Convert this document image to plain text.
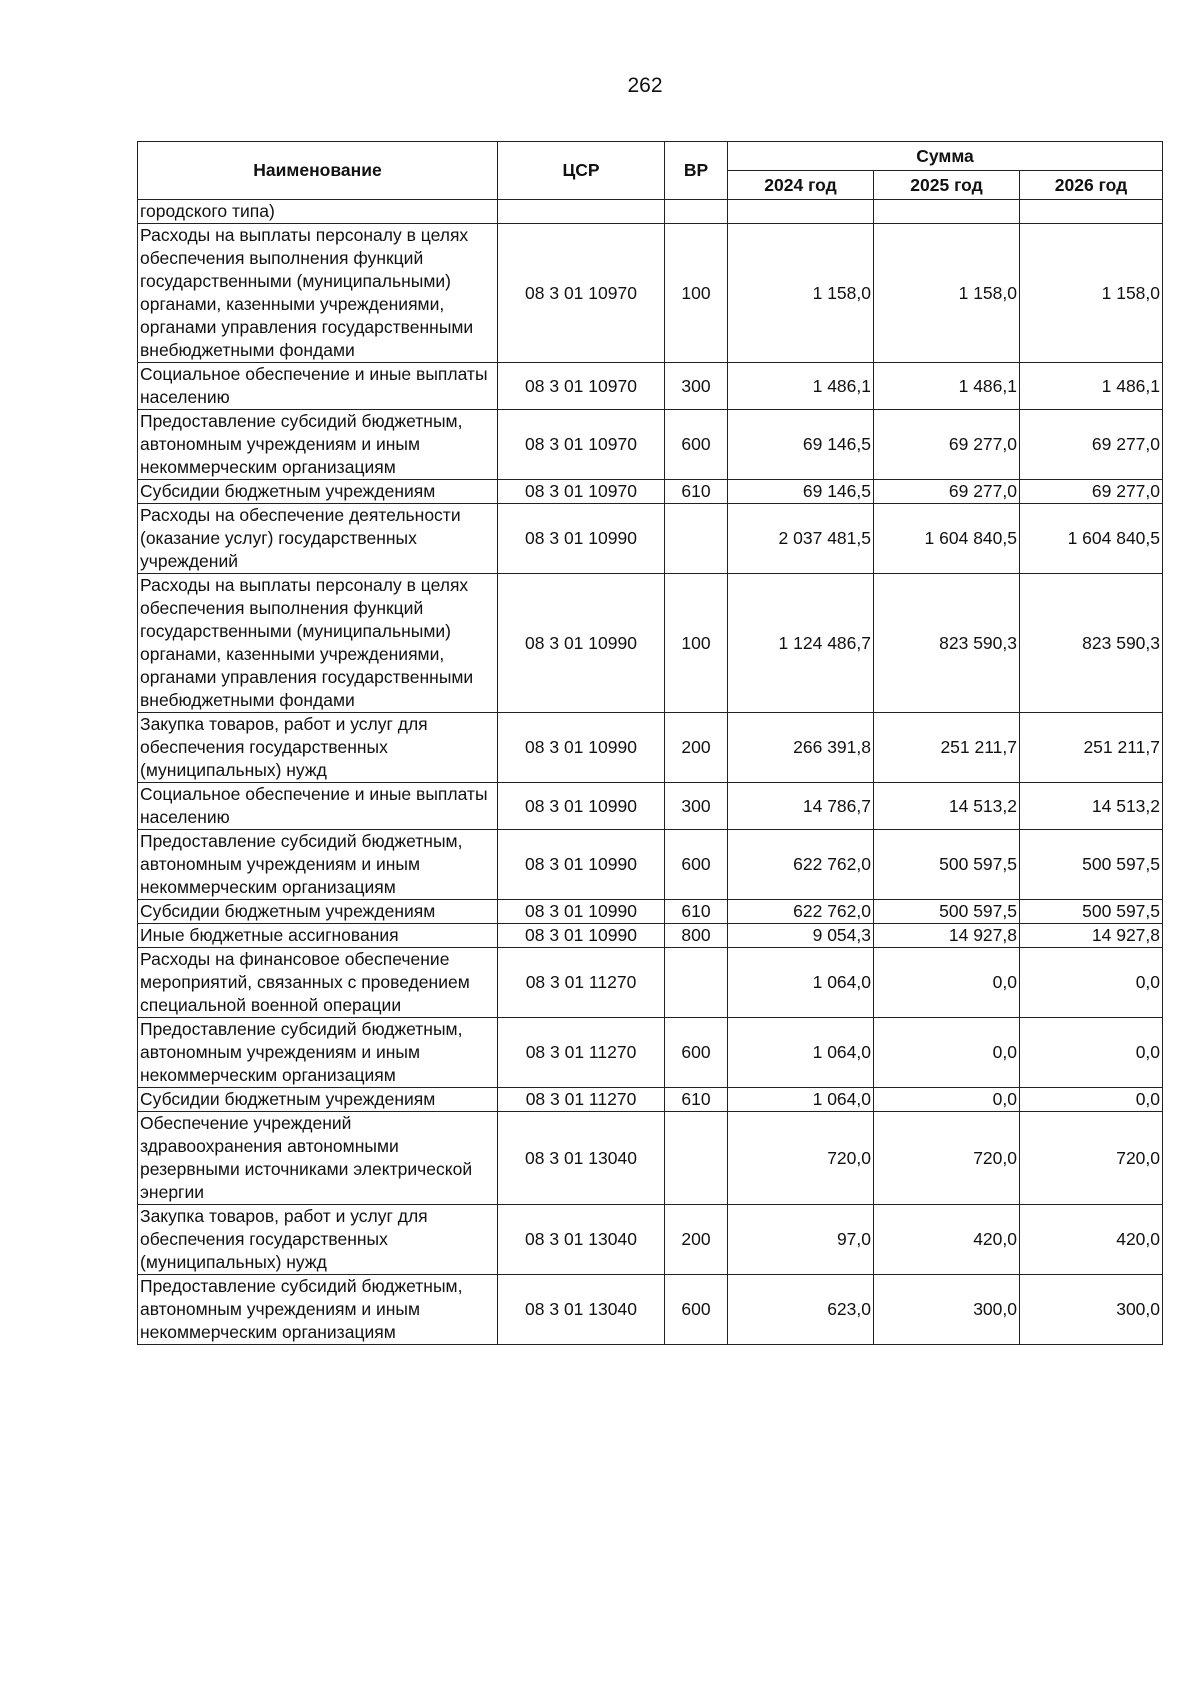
262
Наименование	ЦСР	ВР	Сумма		
			2024 год	2025 год	2026 год
городского типа)					
Расходы на выплаты персоналу в целях обеспечения выполнения функций государственными (муниципальными) органами, казенными учреждениями, органами управления государственными внебюджетными фондами	08 3 01 10970	100	1 158,0	1 158,0	1 158,0
Социальное обеспечение и иные выплаты населению	08 3 01 10970	300	1 486,1	1 486,1	1 486,1
Предоставление субсидий бюджетным, автономным учреждениям и иным некоммерческим организациям	08 3 01 10970	600	69 146,5	69 277,0	69 277,0
Субсидии бюджетным учреждениям	08 3 01 10970	610	69 146,5	69 277,0	69 277,0
Расходы на обеспечение деятельности (оказание услуг) государственных учреждений	08 3 01 10990		2 037 481,5	1 604 840,5	1 604 840,5
Расходы на выплаты персоналу в целях обеспечения выполнения функций государственными (муниципальными) органами, казенными учреждениями, органами управления государственными внебюджетными фондами	08 3 01 10990	100	1 124 486,7	823 590,3	823 590,3
Закупка товаров, работ и услуг для обеспечения государственных (муниципальных) нужд	08 3 01 10990	200	266 391,8	251 211,7	251 211,7
Социальное обеспечение и иные выплаты населению	08 3 01 10990	300	14 786,7	14 513,2	14 513,2
Предоставление субсидий бюджетным, автономным учреждениям и иным некоммерческим организациям	08 3 01 10990	600	622 762,0	500 597,5	500 597,5
Субсидии бюджетным учреждениям	08 3 01 10990	610	622 762,0	500 597,5	500 597,5
Иные бюджетные ассигнования	08 3 01 10990	800	9 054,3	14 927,8	14 927,8
Расходы на финансовое обеспечение мероприятий, связанных с проведением специальной военной операции	08 3 01 11270		1 064,0	0,0	0,0
Предоставление субсидий бюджетным, автономным учреждениям и иным некоммерческим организациям	08 3 01 11270	600	1 064,0	0,0	0,0
Субсидии бюджетным учреждениям	08 3 01 11270	610	1 064,0	0,0	0,0
Обеспечение учреждений здравоохранения автономными резервными источниками электрической энергии	08 3 01 13040		720,0	720,0	720,0
Закупка товаров, работ и услуг для обеспечения государственных (муниципальных) нужд	08 3 01 13040	200	97,0	420,0	420,0
Предоставление субсидий бюджетным, автономным учреждениям и иным некоммерческим организациям	08 3 01 13040	600	623,0	300,0	300,0
